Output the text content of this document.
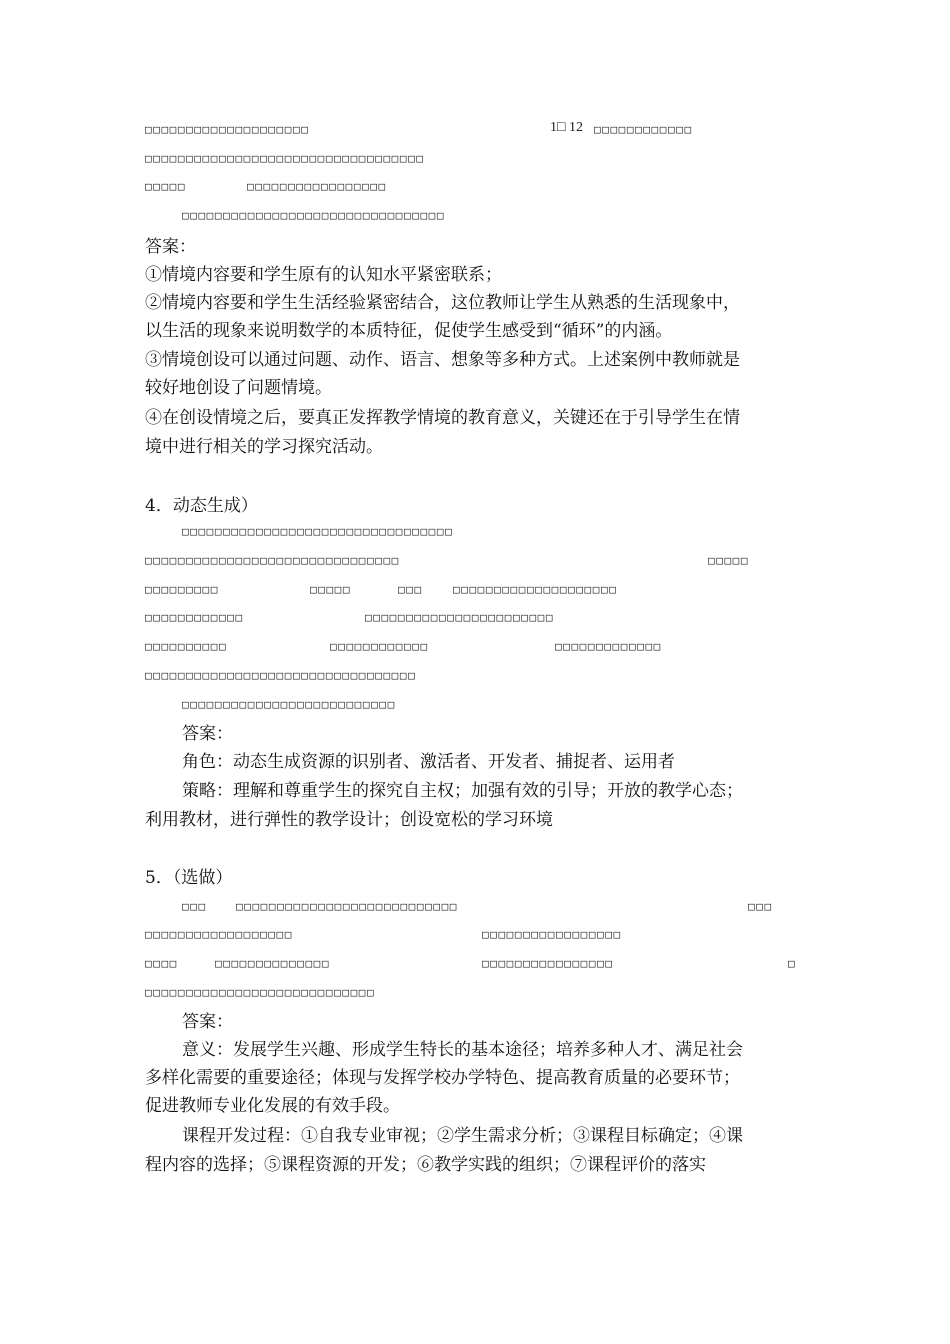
□□□□□□□□□□□□□□□□□□□□	1□ 12 □□□□□□□□□□□□
□□□□□□□□□□□□□□□□□□□□□□□□□□□□□□□□□□
□□□□□	□□□□□□□□□□□□□□□□□
□□□□□□□□□□□□□□□□□□□□□□□□□□□□□□□□
答案：
①情境内容要和学生原有的认知水平紧密联系；
②情境内容要和学生生活经验紧密结合，这位教师让学生从熟悉的生活现象中，
以生活的现象来说明数学的本质特征，促使学生感受到“循环”的内涵。
③情境创设可以通过问题、动作、语言、想象等多种方式。上述案例中教师就是
较好地创设了问题情境。
④在创设情境之后，要真正发挥教学情境的教育意义，关键还在于引导学生在情
境中进行相关的学习探究活动。
4．动态生成）
□□□□□□□□□□□□□□□□□□□□□□□□□□□□□□□□□
□□□□□□□□□□□□□□□□□□□□□□□□□□□□□□□	□□□□□
□□□□□□□□□	□□□□□	□□□	□□□□□□□□□□□□□□□□□□□□
□□□□□□□□□□□□	□□□□□□□□□□□□□□□□□□□□□□□
□□□□□□□□□□	□□□□□□□□□□□□	□□□□□□□□□□□□□
□□□□□□□□□□□□□□□□□□□□□□□□□□□□□□□□□
□□□□□□□□□□□□□□□□□□□□□□□□□□
答案：
角色：动态生成资源的识别者、激活者、开发者、捕捉者、运用者
策略：理解和尊重学生的探究自主权；加强有效的引导；开放的教学心态；
利用教材，进行弹性的教学设计；创设宽松的学习环境
5．（选做）
□□□	□□□□□□□□□□□□□□□□□□□□□□□□□□□	□□□
□□□□□□□□□□□□□□□□□□	□□□□□□□□□□□□□□□□□
□□□□	□□□□□□□□□□□□□□	□□□□□□□□□□□□□□□□	□
□□□□□□□□□□□□□□□□□□□□□□□□□□□□
答案：
意义：发展学生兴趣、形成学生特长的基本途径；培养多种人才、满足社会
多样化需要的重要途径；体现与发挥学校办学特色、提高教育质量的必要环节；
促进教师专业化发展的有效手段。
课程开发过程：①自我专业审视；②学生需求分析；③课程目标确定；④课
程内容的选择；⑤课程资源的开发；⑥教学实践的组织；⑦课程评价的落实
